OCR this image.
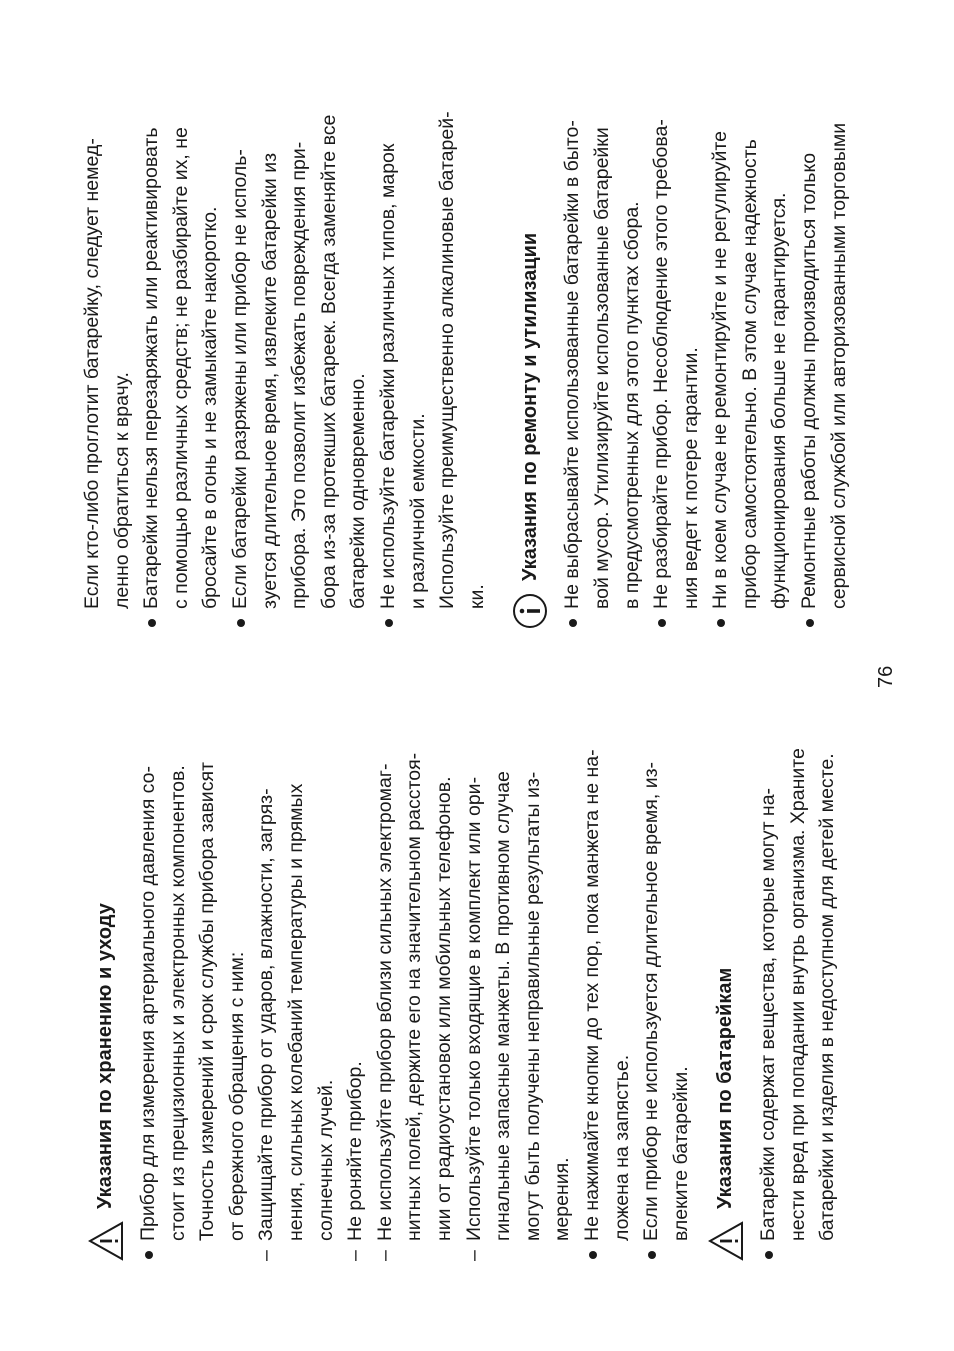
Указания по хранению и уходу Прибор для измерения артериального давления со- стоит из прецизионных и электронных компонентов. Точность измерений и срок службы прибора зависят от бережного обращения с ним:
–
Защищайте прибор от ударов, влажности, загряз- нения, сильных колебаний температуры и прямых солнечных лучей.
–
Не роняйте прибор.
–
Не используйте прибор вблизи сильных электромаг- нитных полей, держите его на значительном расстоя- нии от радиоустановок или мобильных телефонов.
–
Используйте только входящие в комплект или ори- гинальные запасные манжеты. В противном случае могут быть получены неправильные результаты из- мерения. Не нажимайте кнопки до тех пор, пока манжета не на- ложена на запястье. Если прибор не используется длительное время, из- влеките батарейки. Указания по батарейкам Батарейки содержат вещества, которые могут на- нести вред при попадании внутрь организма. Храните батарейки и изделия в недоступном для детей месте.
76
Если кто-либо проглотит батарейку, следует немед- ленно обратиться к врачу. Батарейки нельзя перезаряжать или реактивировать с помощью различных средств; не разбирайте их, не бросайте в огонь и не замыкайте накоротко. Если батарейки разряжены или прибор не исполь- зуется длительное время, извлеките батарейки из прибора. Это позволит избежать повреждения при- бора из-за протекших батареек. Всегда заменяйте все батарейки одновременно. Не используйте батарейки различных типов, марок и различной емкости. Используйте преимущественно алкалиновые батарей- ки.
Указания по ремонту и утилизации Не выбрасывайте использованные батарейки в быто- вой мусор. Утилизируйте использованные батарейки в предусмотренных для этого пунктах сбора. Не разбирайте прибор. Несоблюдение этого требова- ния ведет к потере гарантии. Ни в коем случае не ремонтируйте и не регулируйте прибор самостоятельно. В этом случае надежность функционирования больше не гарантируется. Ремонтные работы должны производиться только сервисной службой или авторизованными торговыми
